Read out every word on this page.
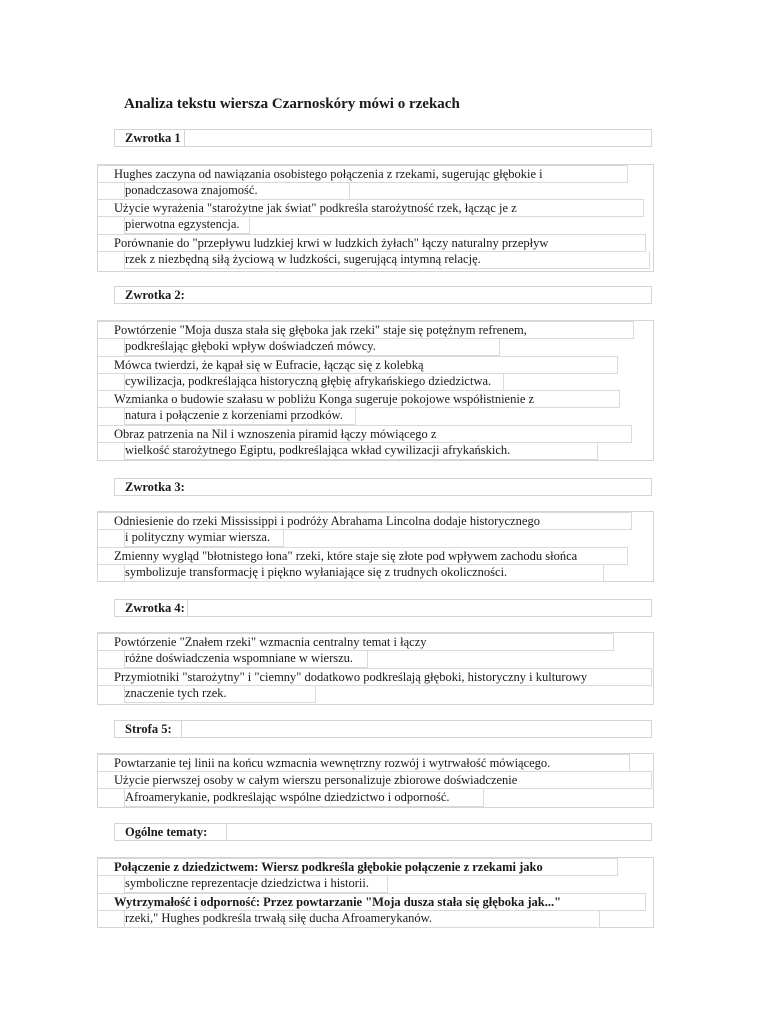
Analiza tekstu wiersza Czarnoskóry mówi o rzekach
Zwrotka 1
Hughes zaczyna od nawiązania osobistego połączenia z rzekami, sugerując głębokie i
ponadczasowa znajomość.
Użycie wyrażenia "starożytne jak świat" podkreśla starożytność rzek, łącząc je z
pierwotna egzystencja.
Porównanie do "przepływu ludzkiej krwi w ludzkich żyłach" łączy naturalny przepływ
rzek z niezbędną siłą życiową w ludzkości, sugerującą intymną relację.
Zwrotka 2:
Powtórzenie "Moja dusza stała się głęboka jak rzeki" staje się potężnym refrenem,
podkreślając głęboki wpływ doświadczeń mówcy.
Mówca twierdzi, że kąpał się w Eufracie, łącząc się z kolebką
cywilizacja, podkreślająca historyczną głębię afrykańskiego dziedzictwa.
Wzmianka o budowie szałasu w pobliżu Konga sugeruje pokojowe współistnienie z
natura i połączenie z korzeniami przodków.
Obraz patrzenia na Nil i wznoszenia piramid łączy mówiącego z
wielkość starożytnego Egiptu, podkreślająca wkład cywilizacji afrykańskich.
Zwrotka 3:
Odniesienie do rzeki Mississippi i podróży Abrahama Lincolna dodaje historycznego
i polityczny wymiar wiersza.
Zmienny wygląd "błotnistego łona" rzeki, które staje się złote pod wpływem zachodu słońca
symbolizuje transformację i piękno wyłaniające się z trudnych okoliczności.
Zwrotka 4:
Powtórzenie "Znałem rzeki" wzmacnia centralny temat i łączy
różne doświadczenia wspomniane w wierszu.
Przymiotniki "starożytny" i "ciemny" dodatkowo podkreślają głęboki, historyczny i kulturowy
znaczenie tych rzek.
Strofa 5:
Powtarzanie tej linii na końcu wzmacnia wewnętrzny rozwój i wytrwałość mówiącego.
Użycie pierwszej osoby w całym wierszu personalizuje zbiorowe doświadczenie
Afroamerykanie, podkreślając wspólne dziedzictwo i odporność.
Ogólne tematy:
Połączenie z dziedzictwem: Wiersz podkreśla głębokie połączenie z rzekami jako
symboliczne reprezentacje dziedzictwa i historii.
Wytrzymałość i odporność: Przez powtarzanie "Moja dusza stała się głęboka jak..."
rzeki," Hughes podkreśla trwałą siłę ducha Afroamerykanów.
